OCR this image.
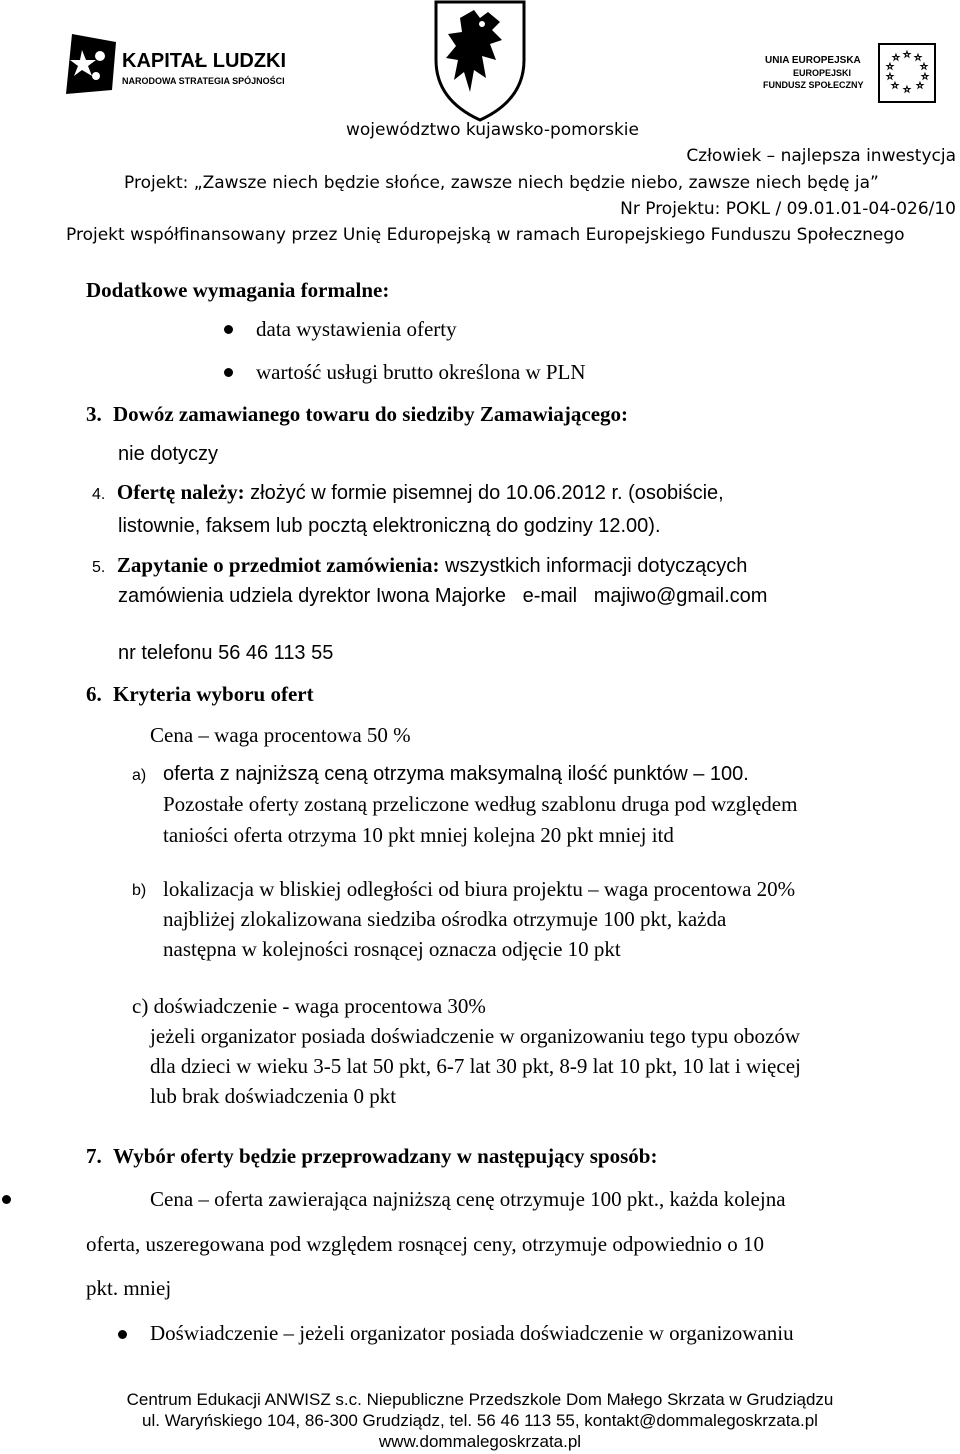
KAPITAŁ LUDZKI
NARODOWA STRATEGIA SPÓJNOŚCI
UNIA EUROPEJSKA
EUROPEJSKI
FUNDUSZ SPOŁECZNY
★ ★
★
★
★
★
★
★
★
★
województwo kujawsko-pomorskie
Człowiek – najlepsza inwestycja
Projekt: „Zawsze niech będzie słońce, zawsze niech będzie niebo, zawsze niech będę ja”
Nr Projektu: POKL / 09.01.01-04-026/10
Projekt współfinansowany przez Unię Eduropejską w ramach Europejskiego Funduszu Społecznego
Dodatkowe wymagania formalne:
data wystawienia oferty
wartość usługi brutto określona w PLN
3. Dowóz zamawianego towaru do siedziby Zamawiającego:
nie dotyczy
4. Ofertę należy: złożyć w formie pisemnej do 10.06.2012 r. (osobiście,
listownie, faksem lub pocztą elektroniczną do godziny 12.00).
5. Zapytanie o przedmiot zamówienia: wszystkich informacji dotyczących
zamówienia udziela dyrektor Iwona Majorke   e-mail   majiwo@gmail.com
nr telefonu 56 46 113 55
6. Kryteria wyboru ofert
Cena – waga procentowa 50 %
a) oferta z najniższą ceną otrzyma maksymalną ilość punktów – 100.
Pozostałe oferty zostaną przeliczone według szablonu druga pod względem
taniości oferta otrzyma 10 pkt mniej kolejna 20 pkt mniej itd
b) lokalizacja w bliskiej odległości od biura projektu – waga procentowa 20%
najbliżej zlokalizowana siedziba ośrodka otrzymuje 100 pkt, każda
następna w kolejności rosnącej oznacza odjęcie 10 pkt
c) doświadczenie - waga procentowa 30%
jeżeli organizator posiada doświadczenie w organizowaniu tego typu obozów
dla dzieci w wieku 3-5 lat 50 pkt, 6-7 lat 30 pkt, 8-9 lat 10 pkt, 10 lat i więcej
lub brak doświadczenia 0 pkt
7. Wybór oferty będzie przeprowadzany w następujący sposób:
Cena – oferta zawierająca najniższą cenę otrzymuje 100 pkt., każda kolejna
oferta, uszeregowana pod względem rosnącej ceny, otrzymuje odpowiednio o 10
pkt. mniej
Doświadczenie – jeżeli organizator posiada doświadczenie w organizowaniu
Centrum Edukacji ANWISZ s.c. Niepubliczne Przedszkole Dom Małego Skrzata w Grudziądzu
ul. Waryńskiego 104, 86-300 Grudziądz, tel. 56 46 113 55, kontakt@dommalegoskrzata.pl
www.dommalegoskrzata.pl
